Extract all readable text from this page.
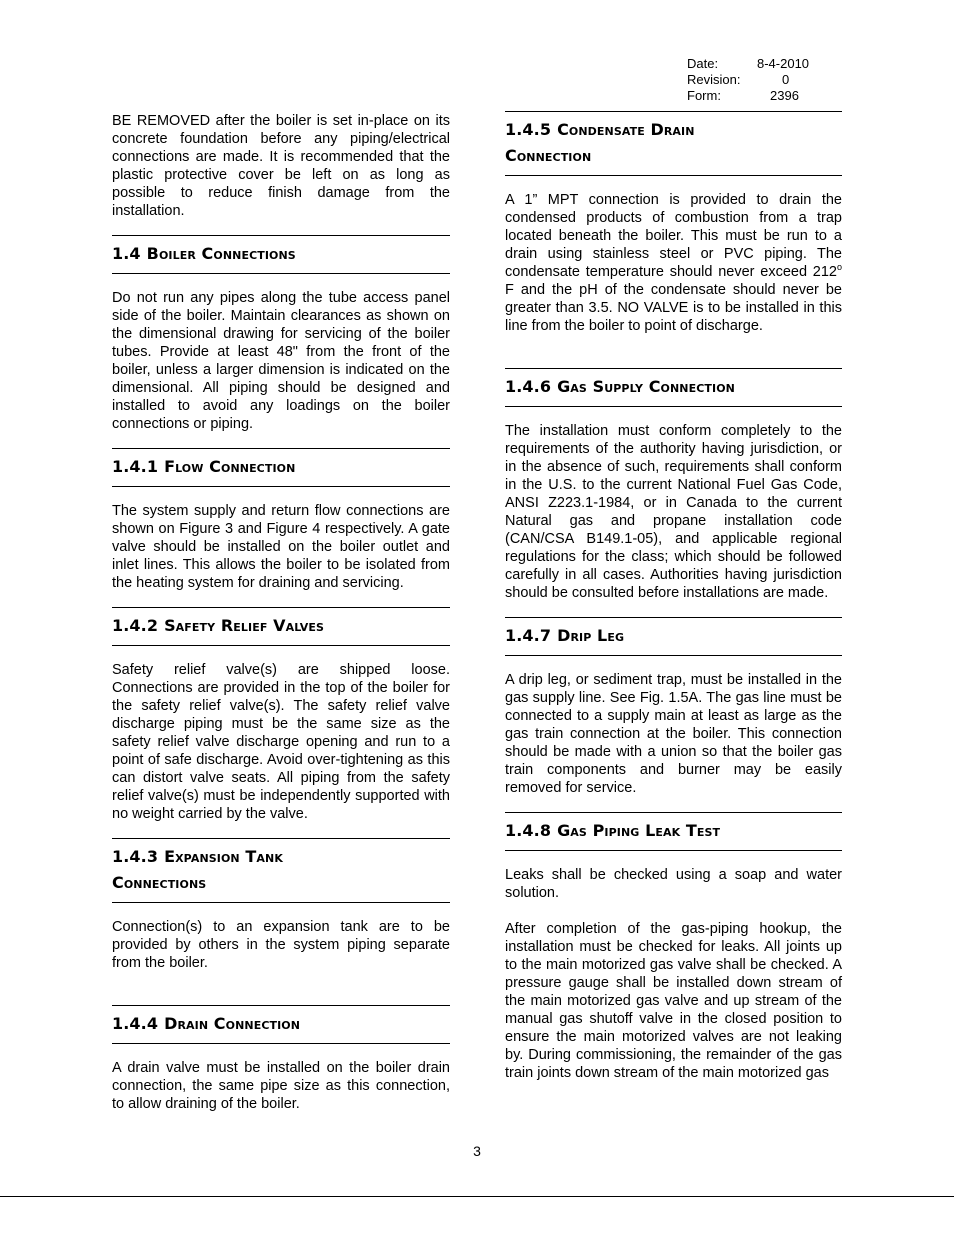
Date:	8-4-2010
Revision:	0
Form:	2396

BE REMOVED after the boiler is set in-place on its concrete foundation before any piping/electrical connections are made. It is recommended that the plastic protective cover be left on as long as possible to reduce finish damage from the installation.

1.4 Boiler Connections

Do not run any pipes along the tube access panel side of the boiler. Maintain clearances as shown on the dimensional drawing for servicing of the boiler tubes. Provide at least 48" from the front of the boiler, unless a larger dimension is indicated on the dimensional. All piping should be designed and installed to avoid any loadings on the boiler connections or piping.

1.4.1 Flow Connection

The system supply and return flow connections are shown on Figure 3 and Figure 4 respectively. A gate valve should be installed on the boiler outlet and inlet lines. This allows the boiler to be isolated from the heating system for draining and servicing.

1.4.2 Safety Relief Valves

Safety relief valve(s) are shipped loose. Connections are provided in the top of the boiler for the safety relief valve(s). The safety relief valve discharge piping must be the same size as the safety relief valve discharge opening and run to a point of safe discharge. Avoid over-tightening as this can distort valve seats. All piping from the safety relief valve(s) must be independently supported with no weight carried by the valve.

1.4.3 Expansion Tank
Connections

Connection(s) to an expansion tank are to be provided by others in the system piping separate from the boiler.

1.4.4 Drain Connection

A drain valve must be installed on the boiler drain connection, the same pipe size as this connection, to allow draining of the boiler.

1.4.5 Condensate Drain
Connection

A 1” MPT connection is provided to drain the condensed products of combustion from a trap located beneath the boiler. This must be run to a drain using stainless steel or PVC piping. The condensate temperature should never exceed 212$^o$ F and the pH of the condensate should never be greater than 3.5. NO VALVE is to be installed in this line from the boiler to point of discharge.

1.4.6 Gas Supply Connection

The installation must conform completely to the requirements of the authority having jurisdiction, or in the absence of such, requirements shall conform in the U.S. to the current National Fuel Gas Code, ANSI Z223.1-1984, or in Canada to the current Natural gas and propane installation code (CAN/CSA B149.1-05), and applicable regional regulations for the class; which should be followed carefully in all cases. Authorities having jurisdiction should be consulted before installations are made.

1.4.7 Drip Leg

A drip leg, or sediment trap, must be installed in the gas supply line. See Fig. 1.5A. The gas line must be connected to a supply main at least as large as the gas train connection at the boiler. This connection should be made with a union so that the boiler gas train components and burner may be easily removed for service.

1.4.8 Gas Piping Leak Test

Leaks shall be checked using a soap and water solution.

After completion of the gas-piping hookup, the installation must be checked for leaks. All joints up to the main motorized gas valve shall be checked. A pressure gauge shall be installed down stream of the main motorized gas valve and up stream of the manual gas shutoff valve in the closed position to ensure the main motorized valves are not leaking by. During commissioning, the remainder of the gas train joints down stream of the main motorized gas

3
